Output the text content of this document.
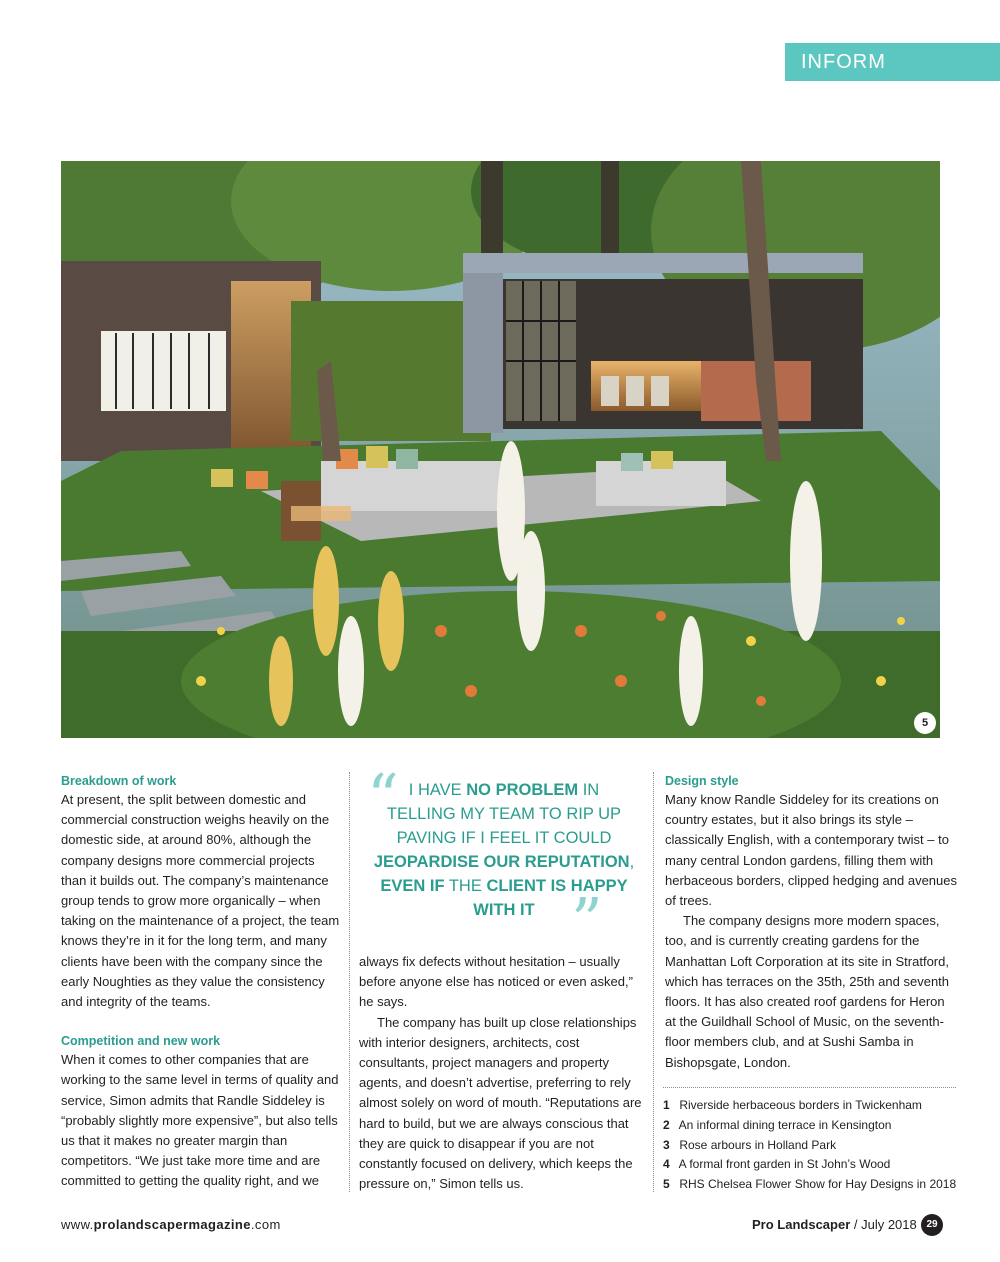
INFORM
5
Breakdown of work
At present, the split between domestic and commercial construction weighs heavily on the domestic side, at around 80%, although the company designs more commercial projects than it builds out. The company’s maintenance group tends to grow more organically – when taking on the maintenance of a project, the team knows they’re in it for the long term, and many clients have been with the company since the early Noughties as they value the consistency and integrity of the teams.
Competition and new work
When it comes to other companies that are working to the same level in terms of quality and service, Simon admits that Randle Siddeley is “probably slightly more expensive”, but also tells us that it makes no greater margin than competitors. “We just take more time and are committed to getting the quality right, and we
“ I HAVE NO PROBLEM IN TELLING MY TEAM TO RIP UP PAVING IF I FEEL IT COULD JEOPARDISE OUR REPUTATION, EVEN IF THE CLIENT IS HAPPY WITH IT ”
always fix defects without hesitation – usually before anyone else has noticed or even asked,” he says.
The company has built up close relationships with interior designers, architects, cost consultants, project managers and property agents, and doesn’t advertise, preferring to rely almost solely on word of mouth. “Reputations are hard to build, but we are always conscious that they are quick to disappear if you are not constantly focused on delivery, which keeps the pressure on,” Simon tells us.
Design style
Many know Randle Siddeley for its creations on country estates, but it also brings its style – classically English, with a contemporary twist – to many central London gardens, filling them with herbaceous borders, clipped hedging and avenues of trees.
The company designs more modern spaces, too, and is currently creating gardens for the Manhattan Loft Corporation at its site in Stratford, which has terraces on the 35th, 25th and seventh floors. It has also created roof gardens for Heron at the Guildhall School of Music, on the seventh-floor members club, and at Sushi Samba in Bishopsgate, London.
1 Riverside herbaceous borders in Twickenham
2 An informal dining terrace in Kensington
3 Rose arbours in Holland Park
4 A formal front garden in St John’s Wood
5 RHS Chelsea Flower Show for Hay Designs in 2018
www.prolandscapermagazine.com	Pro Landscaper / July 2018 29
